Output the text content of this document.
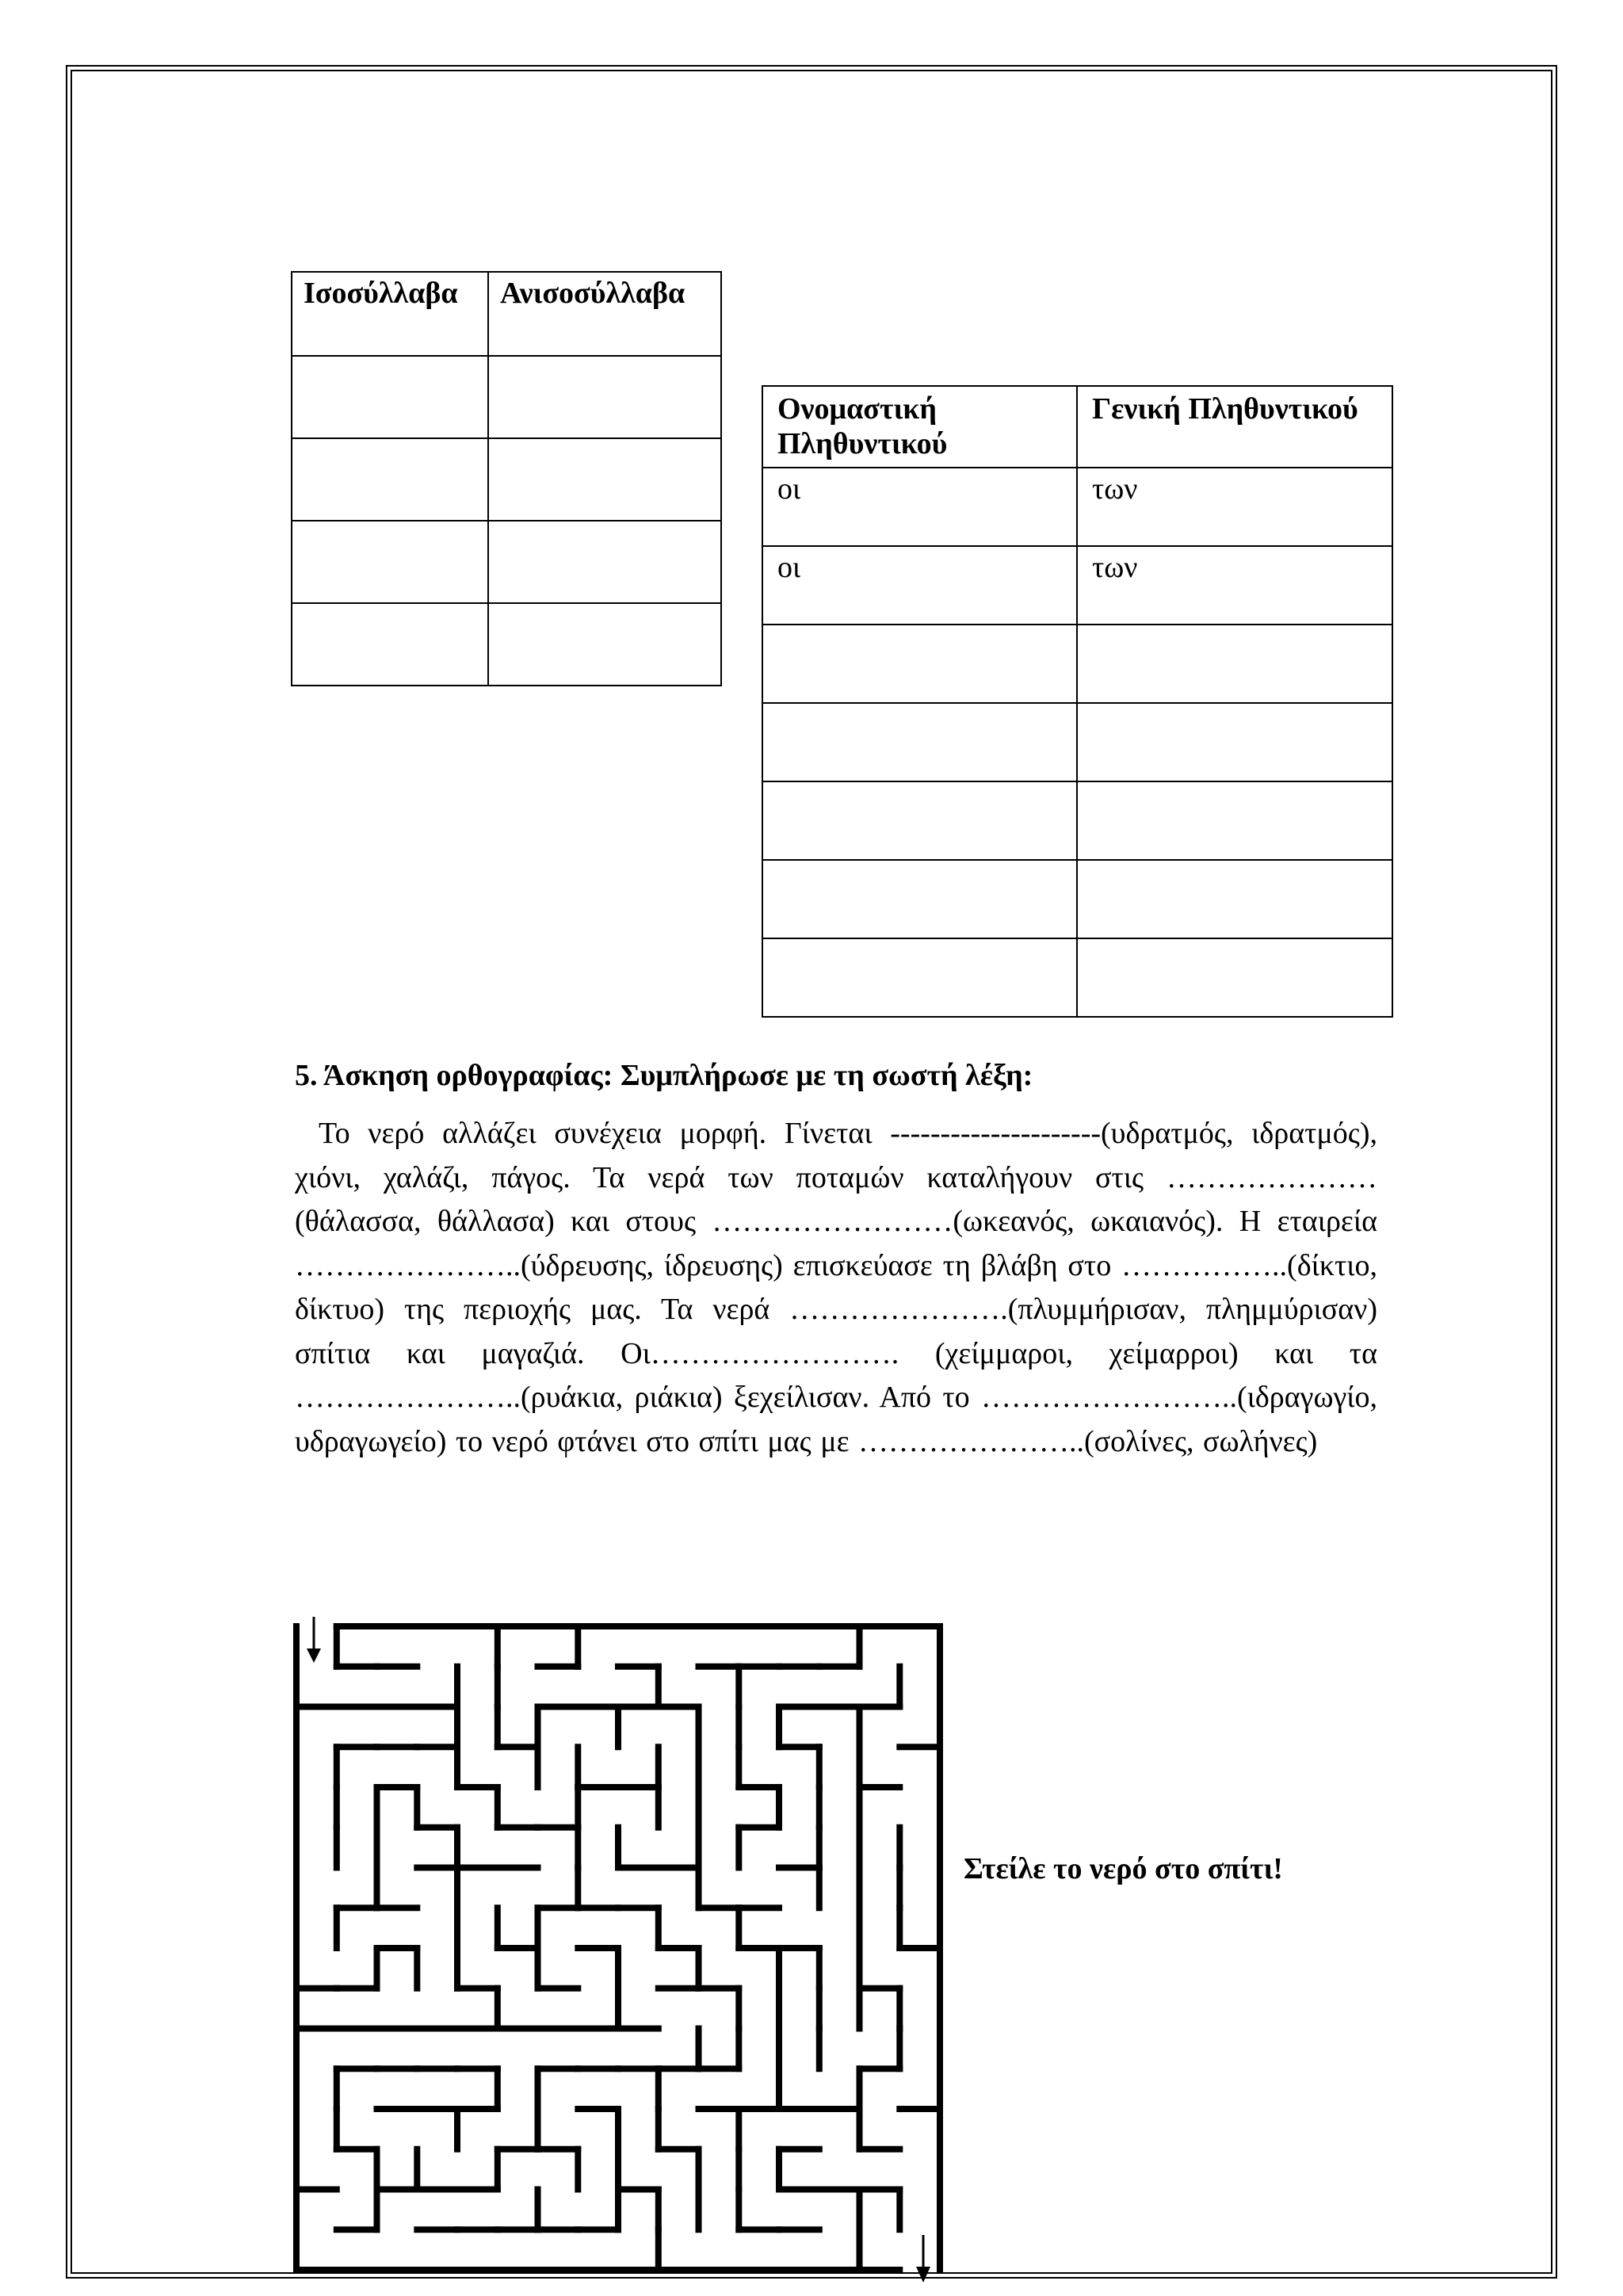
Ισοσύλλαβα	Ανισοσύλλαβα

Ονομαστική Πληθυντικού	Γενική Πληθυντικού
οι	των
οι	των

5. Άσκηση ορθογραφίας: Συμπλήρωσε με τη σωστή λέξη:
Το νερό αλλάζει συνέχεια μορφή. Γίνεται ---------------------(υδρατμός, ιδρατμός), χιόνι, χαλάζι, πάγος. Τα νερά των ποταμών καταλήγουν στις …………………(θάλασσα, θάλλασα) και στους ……………………(ωκεανός, ωκαιανός). Η εταιρεία …………………..(ύδρευσης, ίδρευσης) επισκεύασε τη βλάβη στο ……………..(δίκτιο, δίκτυο) της περιοχής μας. Τα νερά ………………….(πλυμμήρισαν, πλημμύρισαν) σπίτια και μαγαζιά. Οι……………………. (χείμμαροι, χείμαρροι) και τα …………………..(ρυάκια, ριάκια) ξεχείλισαν. Από το ……………………..(ιδραγωγίο, υδραγωγείο) το νερό φτάνει στο σπίτι μας με …………………..(σολίνες, σωλήνες)
Στείλε το νερό στο σπίτι!
